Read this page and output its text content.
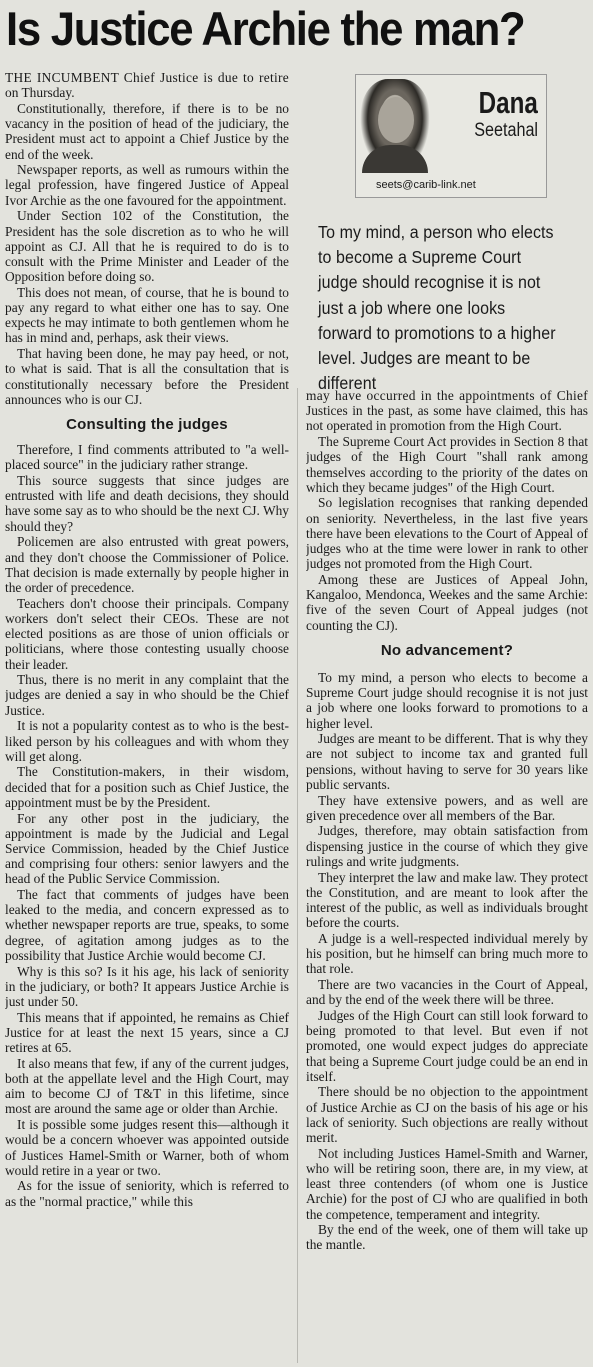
Is Justice Archie the man?
Dana
Seetahal
seets@carib-link.net
To my mind, a person who elects to become a Supreme Court judge should recognise it is not just a job where one looks forward to promotions to a higher level. Judges are meant to be different

THE INCUMBENT Chief Justice is due to retire on Thursday.

Constitutionally, therefore, if there is to be no vacancy in the position of head of the judiciary, the President must act to appoint a Chief Justice by the end of the week.

Newspaper reports, as well as rumours within the legal profession, have fingered Justice of Appeal Ivor Archie as the one favoured for the appointment.

Under Section 102 of the Constitution, the President has the sole discretion as to who he will appoint as CJ. All that he is required to do is to consult with the Prime Minister and Leader of the Opposition before doing so.

This does not mean, of course, that he is bound to pay any regard to what either one has to say. One expects he may intimate to both gentlemen whom he has in mind and, perhaps, ask their views.

That having been done, he may pay heed, or not, to what is said. That is all the consultation that is constitutionally necessary before the President announces who is our CJ.

Consulting the judges

Therefore, I find comments attributed to "a well-placed source" in the judiciary rather strange.

This source suggests that since judges are entrusted with life and death decisions, they should have some say as to who should be the next CJ. Why should they?

Policemen are also entrusted with great powers, and they don't choose the Commissioner of Police. That decision is made externally by people higher in the order of precedence.

Teachers don't choose their principals. Company workers don't select their CEOs. These are not elected positions as are those of union officials or politicians, where those contesting usually choose their leader.

Thus, there is no merit in any complaint that the judges are denied a say in who should be the Chief Justice.

It is not a popularity contest as to who is the best-liked person by his colleagues and with whom they will get along.

The Constitution-makers, in their wisdom, decided that for a position such as Chief Justice, the appointment must be by the President.

For any other post in the judiciary, the appointment is made by the Judicial and Legal Service Commission, headed by the Chief Justice and comprising four others: senior lawyers and the head of the Public Service Commission.

The fact that comments of judges have been leaked to the media, and concern expressed as to whether newspaper reports are true, speaks, to some degree, of agitation among judges as to the possibility that Justice Archie would become CJ.

Why is this so? Is it his age, his lack of seniority in the judiciary, or both? It appears Justice Archie is just under 50.

This means that if appointed, he remains as Chief Justice for at least the next 15 years, since a CJ retires at 65.

It also means that few, if any of the current judges, both at the appellate level and the High Court, may aim to become CJ of T&T in this lifetime, since most are around the same age or older than Archie.

It is possible some judges resent this—although it would be a concern whoever was appointed outside of Justices Hamel-Smith or Warner, both of whom would retire in a year or two.

As for the issue of seniority, which is referred to as the "normal practice," while this

may have occurred in the appointments of Chief Justices in the past, as some have claimed, this has not operated in promotion from the High Court.

The Supreme Court Act provides in Section 8 that judges of the High Court "shall rank among themselves according to the priority of the dates on which they became judges" of the High Court.

So legislation recognises that ranking depended on seniority. Nevertheless, in the last five years there have been elevations to the Court of Appeal of judges who at the time were lower in rank to other judges not promoted from the High Court.

Among these are Justices of Appeal John, Kangaloo, Mendonca, Weekes and the same Archie: five of the seven Court of Appeal judges (not counting the CJ).

No advancement?

To my mind, a person who elects to become a Supreme Court judge should recognise it is not just a job where one looks forward to promotions to a higher level.

Judges are meant to be different. That is why they are not subject to income tax and granted full pensions, without having to serve for 30 years like public servants.

They have extensive powers, and as well are given precedence over all members of the Bar.

Judges, therefore, may obtain satisfaction from dispensing justice in the course of which they give rulings and write judgments.

They interpret the law and make law. They protect the Constitution, and are meant to look after the interest of the public, as well as individuals brought before the courts.

A judge is a well-respected individual merely by his position, but he himself can bring much more to that role.

There are two vacancies in the Court of Appeal, and by the end of the week there will be three.

Judges of the High Court can still look forward to being promoted to that level. But even if not promoted, one would expect judges do appreciate that being a Supreme Court judge could be an end in itself.

There should be no objection to the appointment of Justice Archie as CJ on the basis of his age or his lack of seniority. Such objections are really without merit.

Not including Justices Hamel-Smith and Warner, who will be retiring soon, there are, in my view, at least three contenders (of whom one is Justice Archie) for the post of CJ who are qualified in both the competence, temperament and integrity.

By the end of the week, one of them will take up the mantle.
